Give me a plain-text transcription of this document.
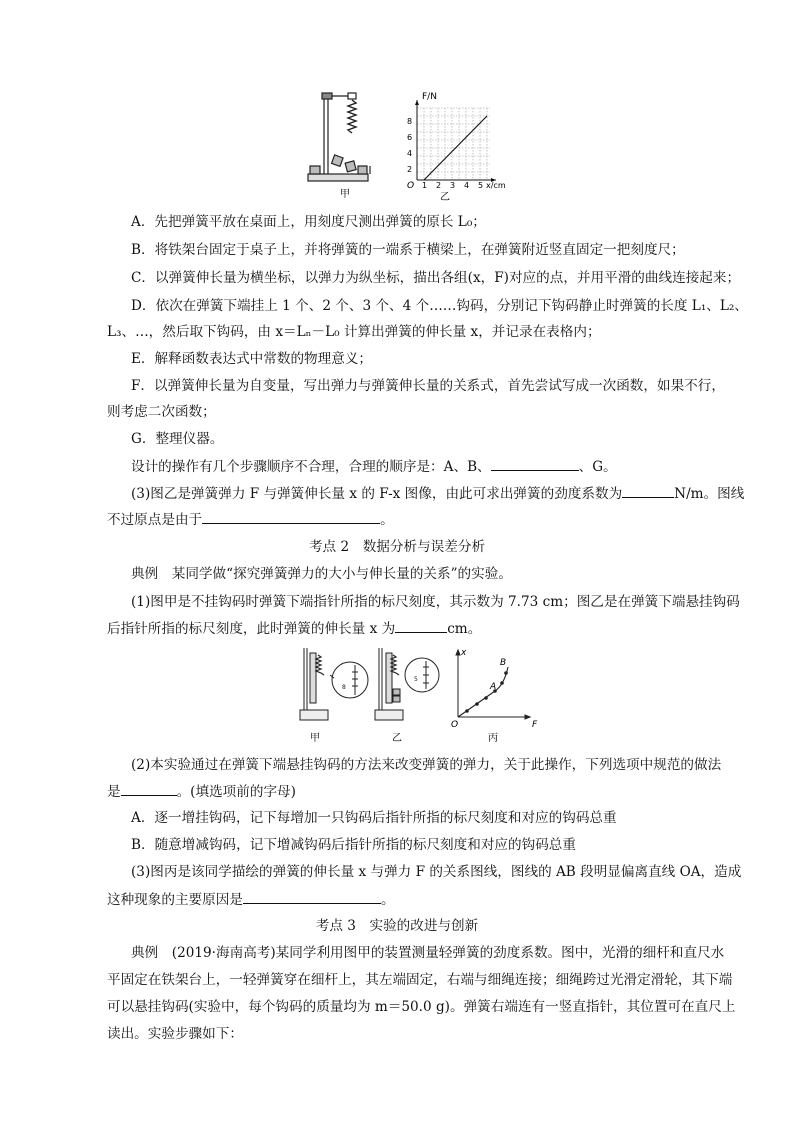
甲
F/N
8
6
4
2
O 1 2 3 4 5 x/cm
乙
A．先把弹簧平放在桌面上，用刻度尺测出弹簧的原长 L₀；
B．将铁架台固定于桌子上，并将弹簧的一端系于横梁上，在弹簧附近竖直固定一把刻度尺；
C．以弹簧伸长量为横坐标，以弹力为纵坐标，描出各组(x，F)对应的点，并用平滑的曲线连接起来；
D．依次在弹簧下端挂上 1 个、2 个、3 个、4 个……钩码，分别记下钩码静止时弹簧的长度 L₁、L₂、
L₃、…，然后取下钩码，由 x＝Lₙ－L₀ 计算出弹簧的伸长量 x，并记录在表格内；
E．解释函数表达式中常数的物理意义；
F．以弹簧伸长量为自变量，写出弹力与弹簧伸长量的关系式，首先尝试写成一次函数，如果不行，
则考虑二次函数；
G．整理仪器。
设计的操作有几个步骤顺序不合理，合理的顺序是：A、B、	、G。
(3)图乙是弹簧弹力 F 与弹簧伸长量 x 的 F-x 图像，由此可求出弹簧的劲度系数为	N/m。图线
不过原点是由于	。
考点 2　数据分析与误差分析
典例　某同学做“探究弹簧弹力的大小与伸长量的关系”的实验。
(1)图甲是不挂钩码时弹簧下端指针所指的标尺刻度，其示数为 7.73 cm；图乙是在弹簧下端悬挂钩码
后指针所指的标尺刻度，此时弹簧的伸长量 x 为	cm。
8
甲
5
乙
x
F
O
A
B
丙
(2)本实验通过在弹簧下端悬挂钩码的方法来改变弹簧的弹力，关于此操作，下列选项中规范的做法
是	。(填选项前的字母)
A．逐一增挂钩码，记下每增加一只钩码后指针所指的标尺刻度和对应的钩码总重
B．随意增减钩码，记下增减钩码后指针所指的标尺刻度和对应的钩码总重
(3)图丙是该同学描绘的弹簧的伸长量 x 与弹力 F 的关系图线，图线的 AB 段明显偏离直线 OA，造成
这种现象的主要原因是	。
考点 3　实验的改进与创新
典例　(2019·海南高考)某同学利用图甲的装置测量轻弹簧的劲度系数。图中，光滑的细杆和直尺水
平固定在铁架台上，一轻弹簧穿在细杆上，其左端固定，右端与细绳连接；细绳跨过光滑定滑轮，其下端
可以悬挂钩码(实验中，每个钩码的质量均为 m＝50.0 g)。弹簧右端连有一竖直指针，其位置可在直尺上
读出。实验步骤如下：
